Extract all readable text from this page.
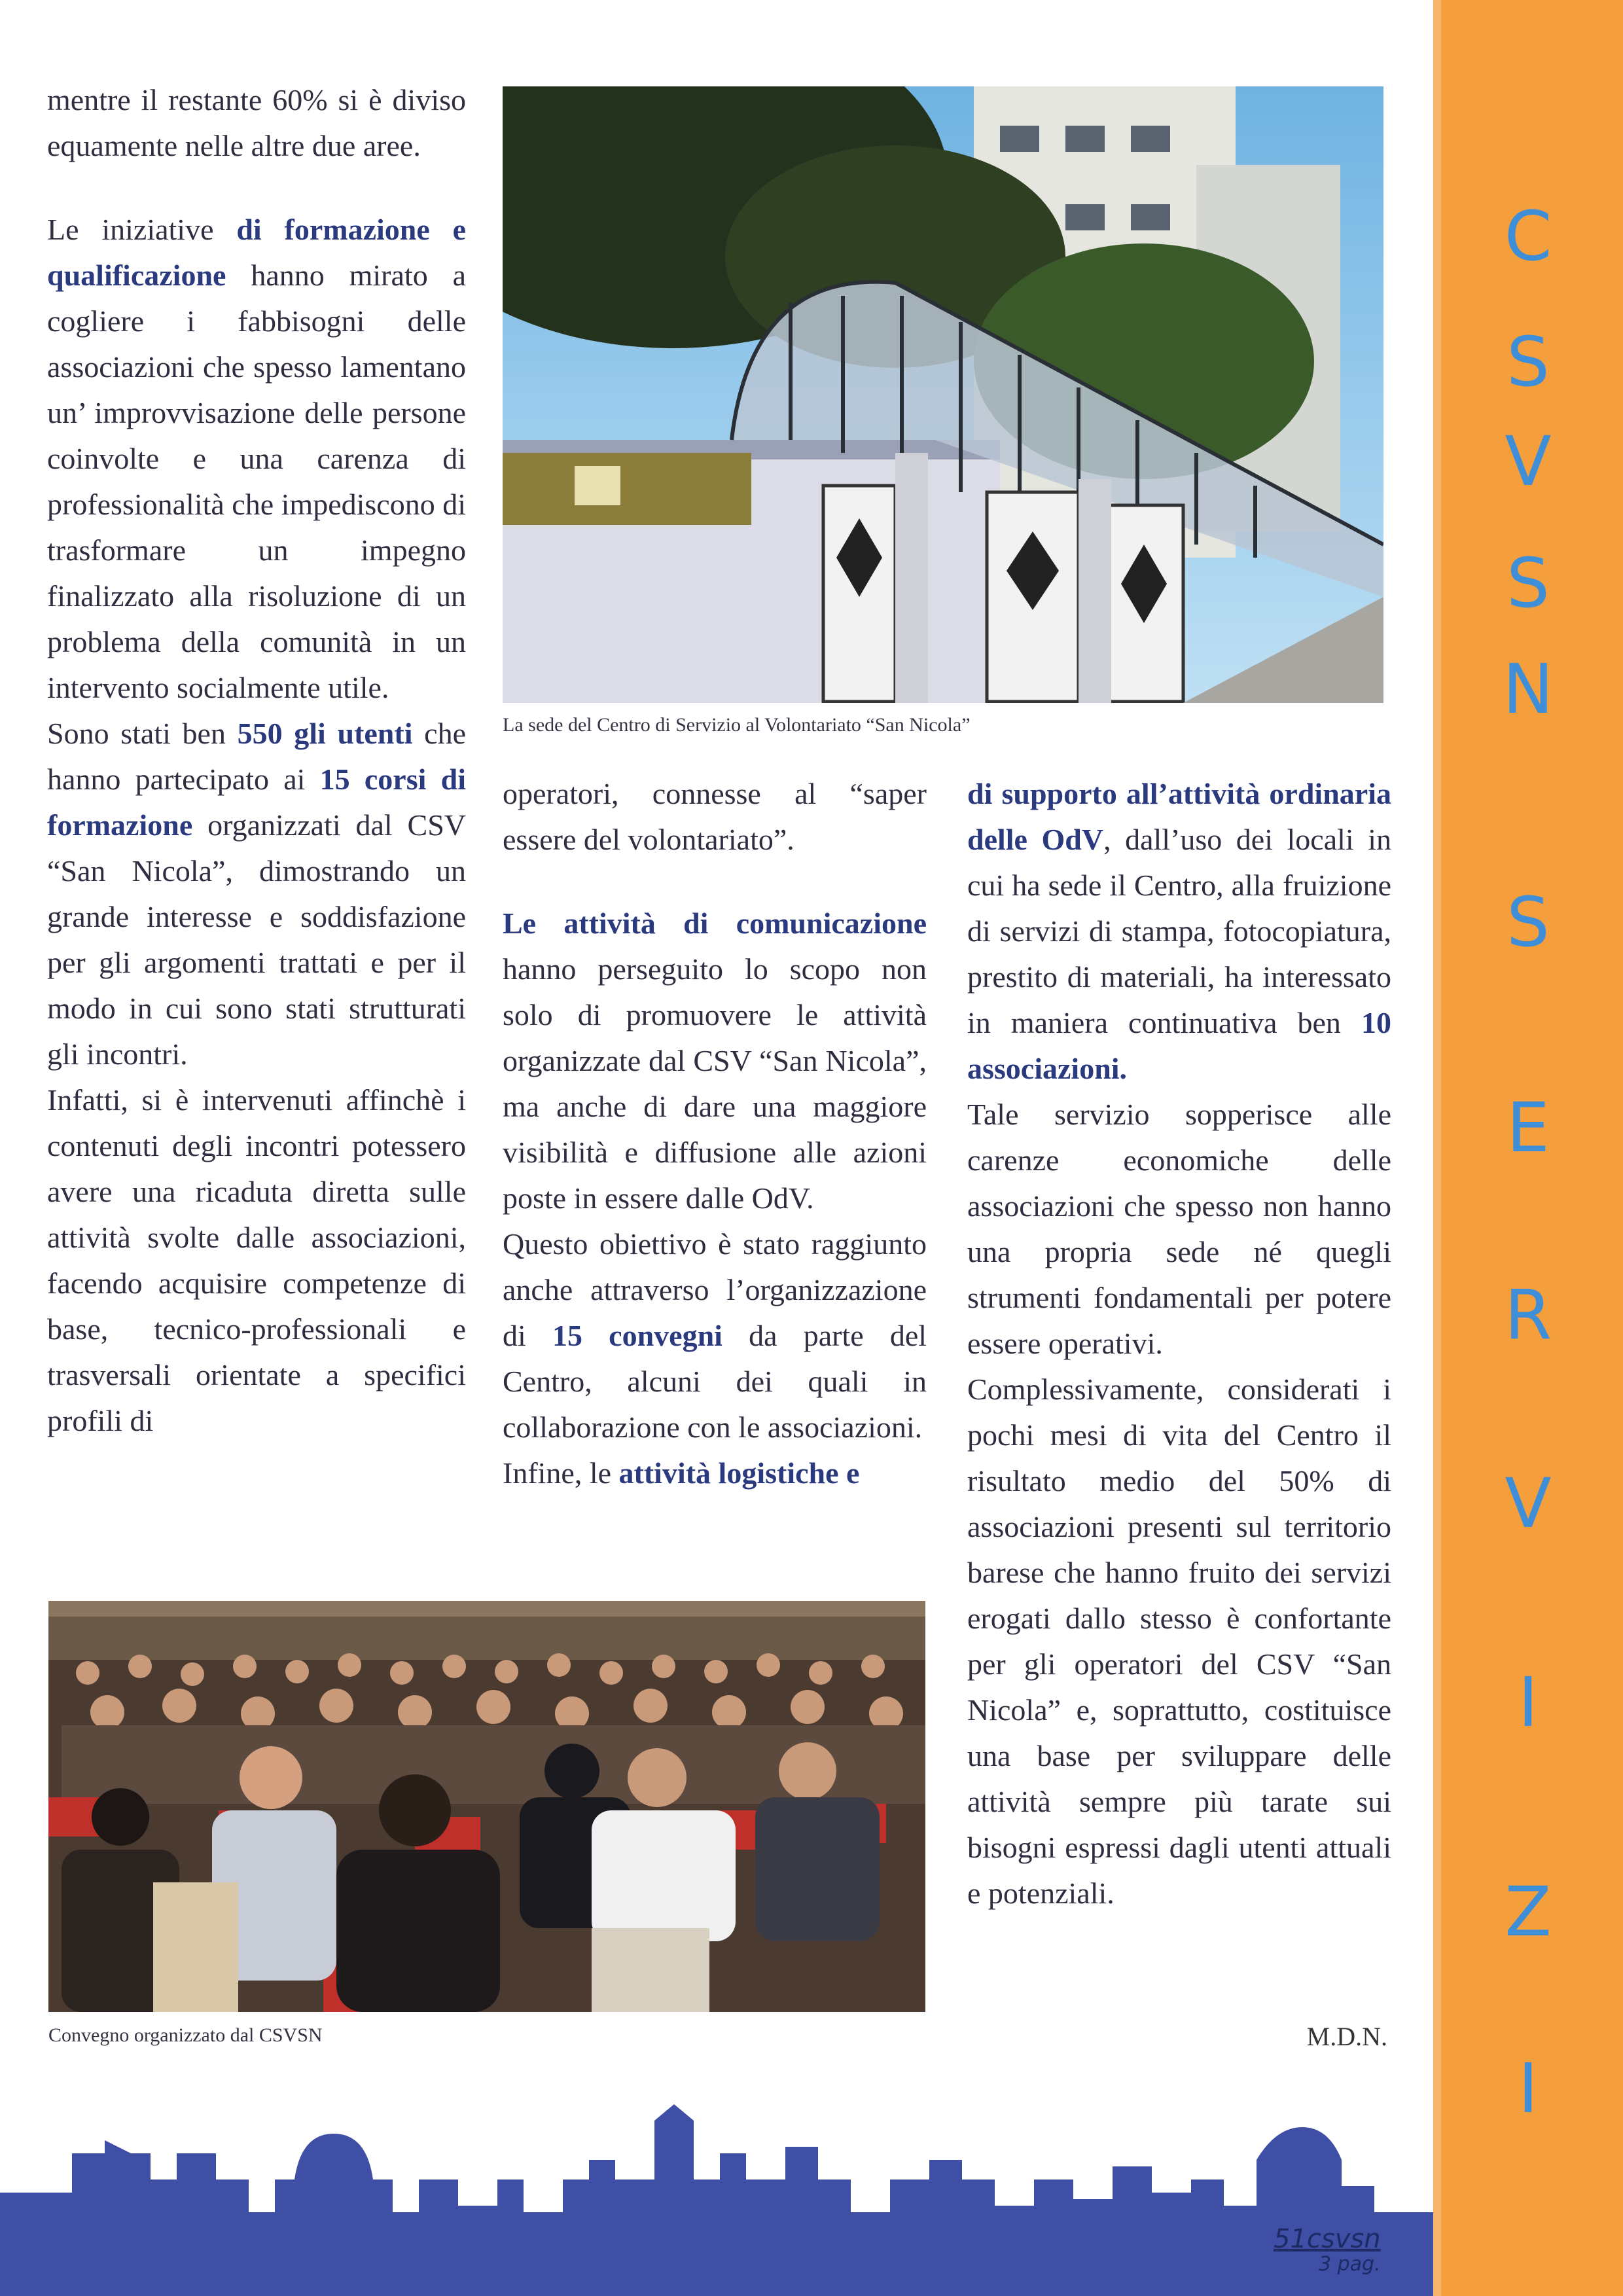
mentre il restante 60% si è diviso equamente nelle altre due aree.

Le iniziative di formazione e qualificazione hanno mirato a cogliere i fabbisogni delle associazioni che spesso lamentano un’ improvvisazione delle persone coinvolte e una carenza di professionalità che impediscono di trasformare un impegno finalizzato alla risoluzione di un problema della comunità in un intervento socialmente utile.

Sono stati ben 550 gli utenti che hanno partecipato ai 15 corsi di formazione organizzati dal CSV “San Nicola”, dimostrando un grande interesse e soddisfazione per gli argomenti trattati e per il modo in cui sono stati strutturati gli incontri.

Infatti, si è intervenuti affinchè i contenuti degli incontri potessero avere una ricaduta diretta sulle attività svolte dalle associazioni, facendo acquisire competenze di base, tecnico-professionali e trasversali orientate a specifici profili di

La sede del Centro di Servizio al Volontariato “San Nicola”

operatori, connesse al “saper essere del volontariato”.

Le attività di comunicazione hanno perseguito lo scopo non solo di promuovere le attività organizzate dal CSV “San Nicola”, ma anche di dare una maggiore visibilità e diffusione alle azioni poste in essere dalle OdV.

Questo obiettivo è stato raggiunto anche attraverso l’organizzazione di 15 convegni da parte del Centro, alcuni dei quali in collaborazione con le associazioni.

Infine, le attività logistiche e

di supporto all’attività ordinaria delle OdV, dall’uso dei locali in cui ha sede il Centro, alla fruizione di servizi di stampa, fotocopiatura, prestito di materiali, ha interessato in maniera continuativa ben 10 associazioni.

Tale servizio sopperisce alle carenze economiche delle associazioni che spesso non hanno una propria sede né quegli strumenti fondamentali per potere essere operativi.

Complessivamente, considerati i pochi mesi di vita del Centro il risultato medio del 50% di associazioni presenti sul territorio barese che hanno fruito dei servizi erogati dallo stesso è confortante per gli operatori del CSV “San Nicola” e, soprattutto, costituisce una base per sviluppare delle attività sempre più tarate sui bisogni espressi dagli utenti attuali e potenziali.

M.D.N.
Convegno organizzato dal CSVSN
C
S
V
S
N
S
E
R
V
I
Z
I
51csvsn
3 pag.
